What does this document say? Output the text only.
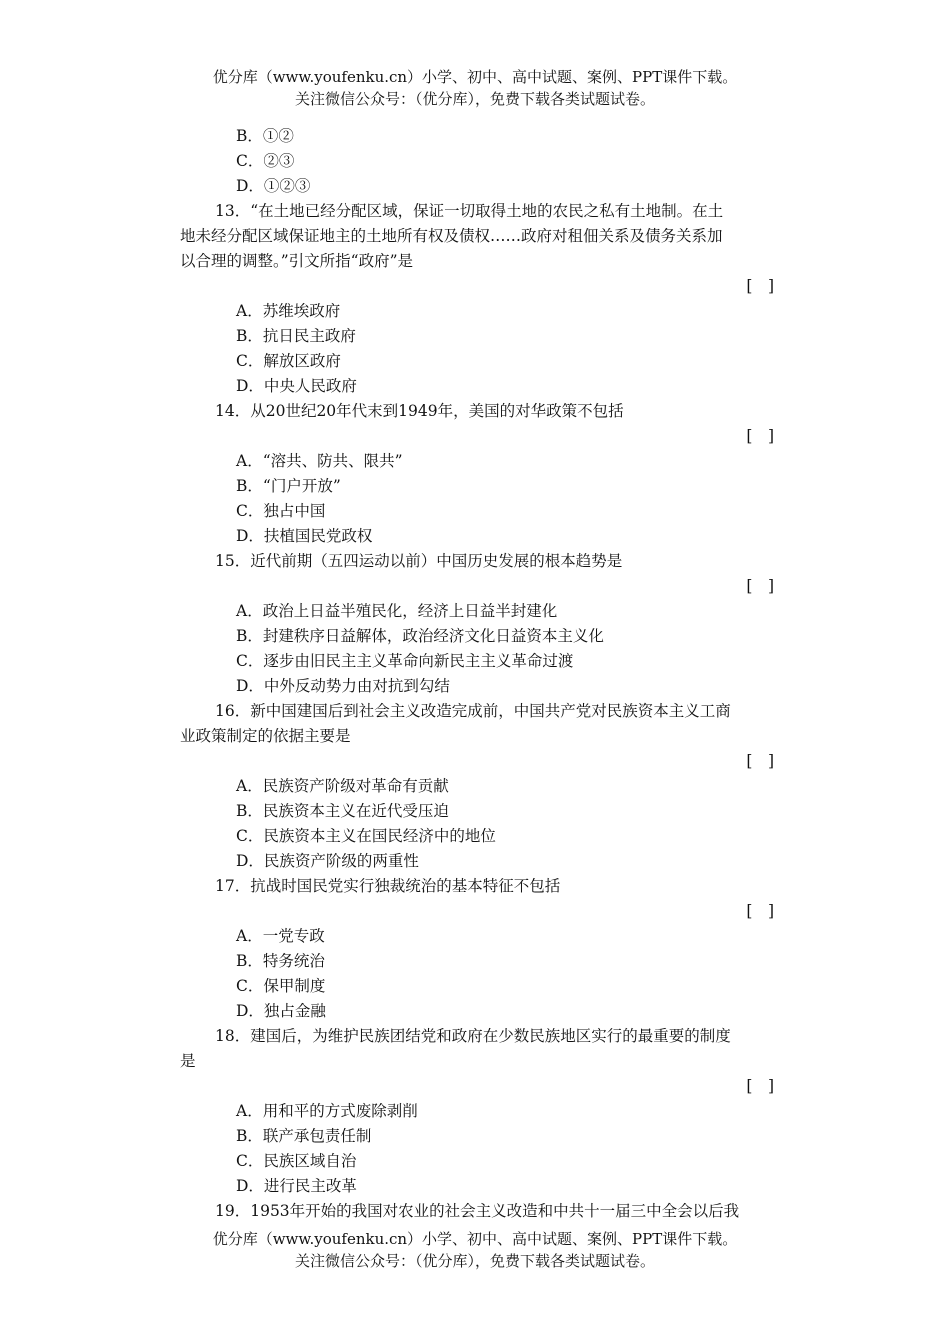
优分库（www.youfenku.cn）小学、初中、高中试题、案例、PPT课件下载。
关注微信公众号：（优分库），免费下载各类试题试卷。
B．①②
C．②③
D．①②③
13．“在土地已经分配区域，保证一切取得土地的农民之私有土地制。在土
地未经分配区域保证地主的土地所有权及债权……政府对租佃关系及债务关系加
以合理的调整。”引文所指“政府”是
[　]
A．苏维埃政府
B．抗日民主政府
C．解放区政府
D．中央人民政府
14．从20世纪20年代末到1949年，美国的对华政策不包括
[　]
A．“溶共、防共、限共”
B．“门户开放”
C．独占中国
D．扶植国民党政权
15．近代前期（五四运动以前）中国历史发展的根本趋势是
[　]
A．政治上日益半殖民化，经济上日益半封建化
B．封建秩序日益解体，政治经济文化日益资本主义化
C．逐步由旧民主主义革命向新民主主义革命过渡
D．中外反动势力由对抗到勾结
16．新中国建国后到社会主义改造完成前，中国共产党对民族资本主义工商
业政策制定的依据主要是
[　]
A．民族资产阶级对革命有贡献
B．民族资本主义在近代受压迫
C．民族资本主义在国民经济中的地位
D．民族资产阶级的两重性
17．抗战时国民党实行独裁统治的基本特征不包括
[　]
A．一党专政
B．特务统治
C．保甲制度
D．独占金融
18．建国后，为维护民族团结党和政府在少数民族地区实行的最重要的制度
是
[　]
A．用和平的方式废除剥削
B．联产承包责任制
C．民族区域自治
D．进行民主改革
19．1953年开始的我国对农业的社会主义改造和中共十一届三中全会以后我
优分库（www.youfenku.cn）小学、初中、高中试题、案例、PPT课件下载。
关注微信公众号：（优分库），免费下载各类试题试卷。
